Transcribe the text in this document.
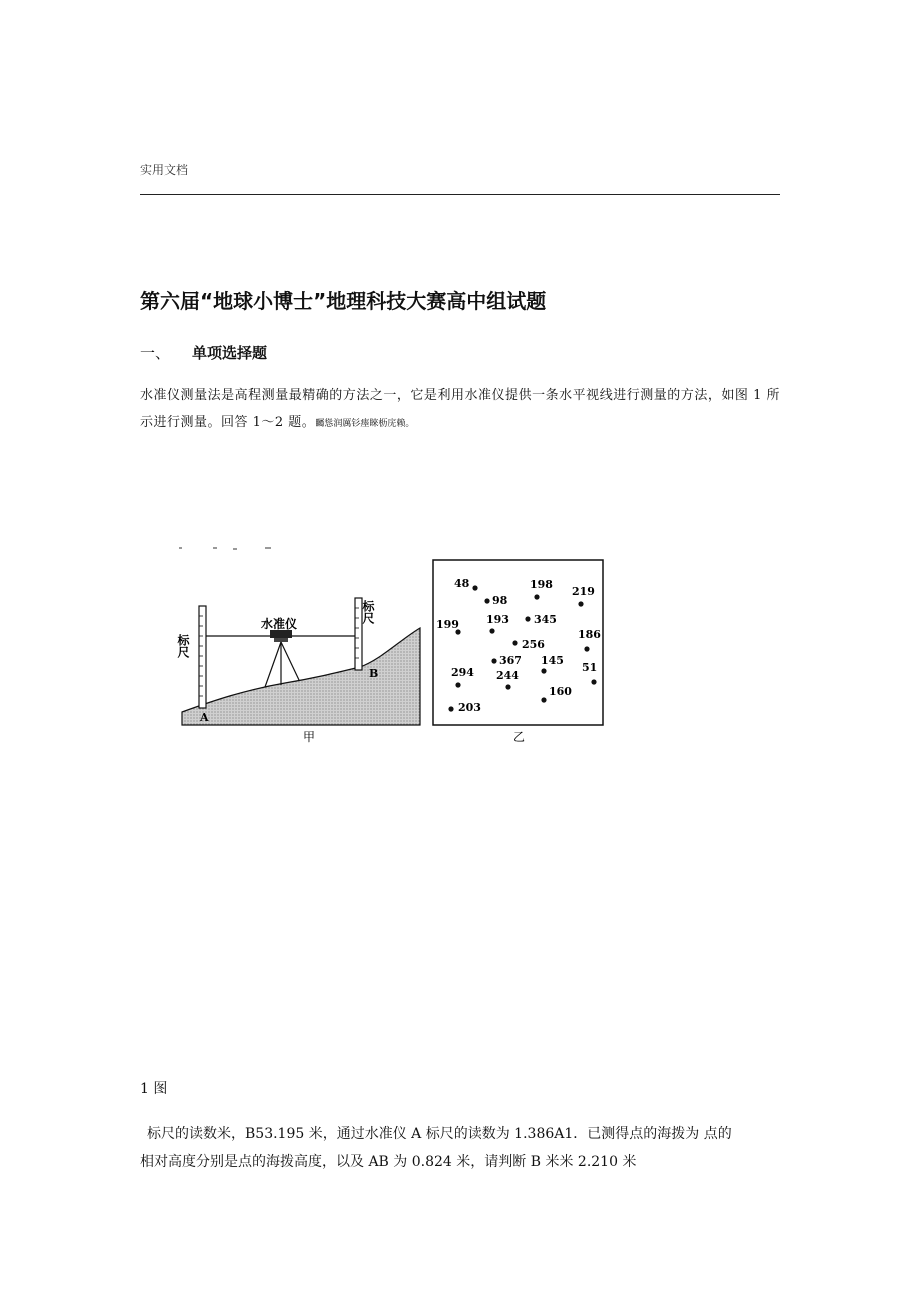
实用文档
第六届“地球小博士”地理科技大赛高中组试题
一、 单项选择题
水准仪测量法是高程测量最精确的方法之一，它是利用水准仪提供一条水平视线进行测量的方法，如图 1 所示进行测量。回答 1～2 题。矚慫润厲钐瘗睞枥庑赖。
水准仪
标尺
标尺
A
B
甲
48	198
219
98
199 193 345
186
256
367 145
294 244
51
160
203
乙
1 图
标尺的读数米，B53.195 米，通过水准仪 A 标尺的读数为 1.386A1．已测得点的海拨为 点的
相对高度分别是点的海拨高度，以及 AB 为 0.824 米，请判断 B 米米 2.210 米
